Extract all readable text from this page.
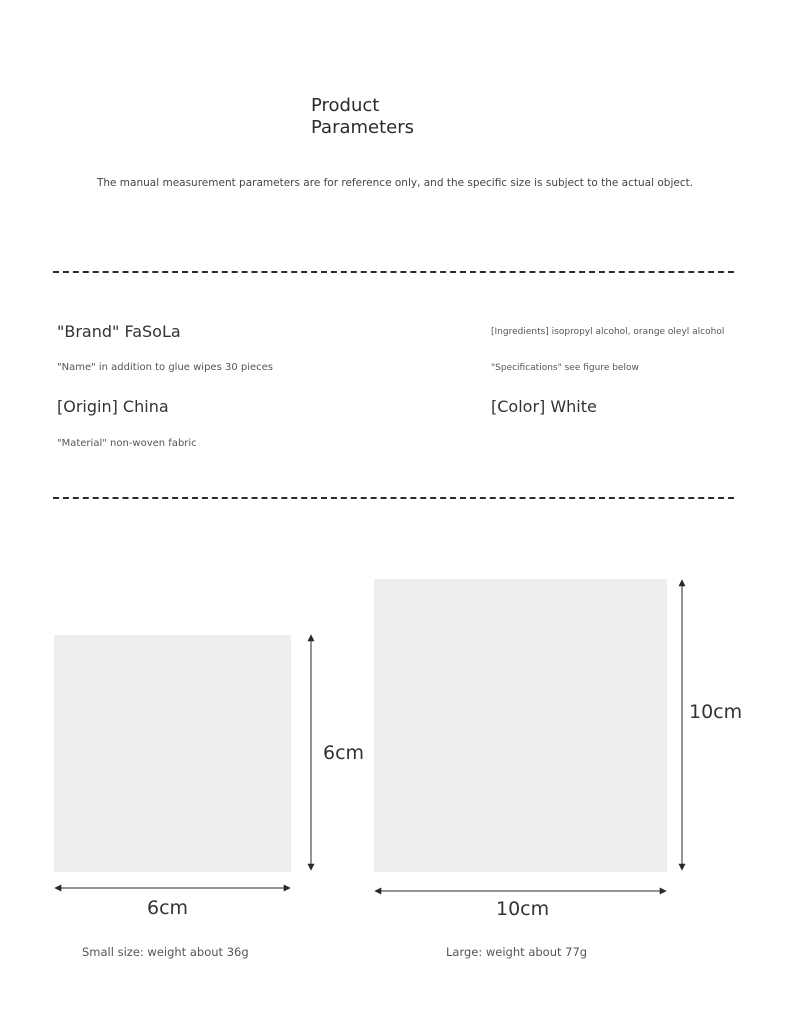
Product
Parameters
The manual measurement parameters are for reference only, and the specific size is subject to the actual object.
"Brand" FaSoLa
"Name" in addition to glue wipes 30 pieces
[Origin] China
"Material" non-woven fabric
[Ingredients] isopropyl alcohol, orange oleyl alcohol
"Specifications" see figure below
[Color] White
6cm
6cm
10cm
10cm
Small size: weight about 36g	Large: weight about 77g
